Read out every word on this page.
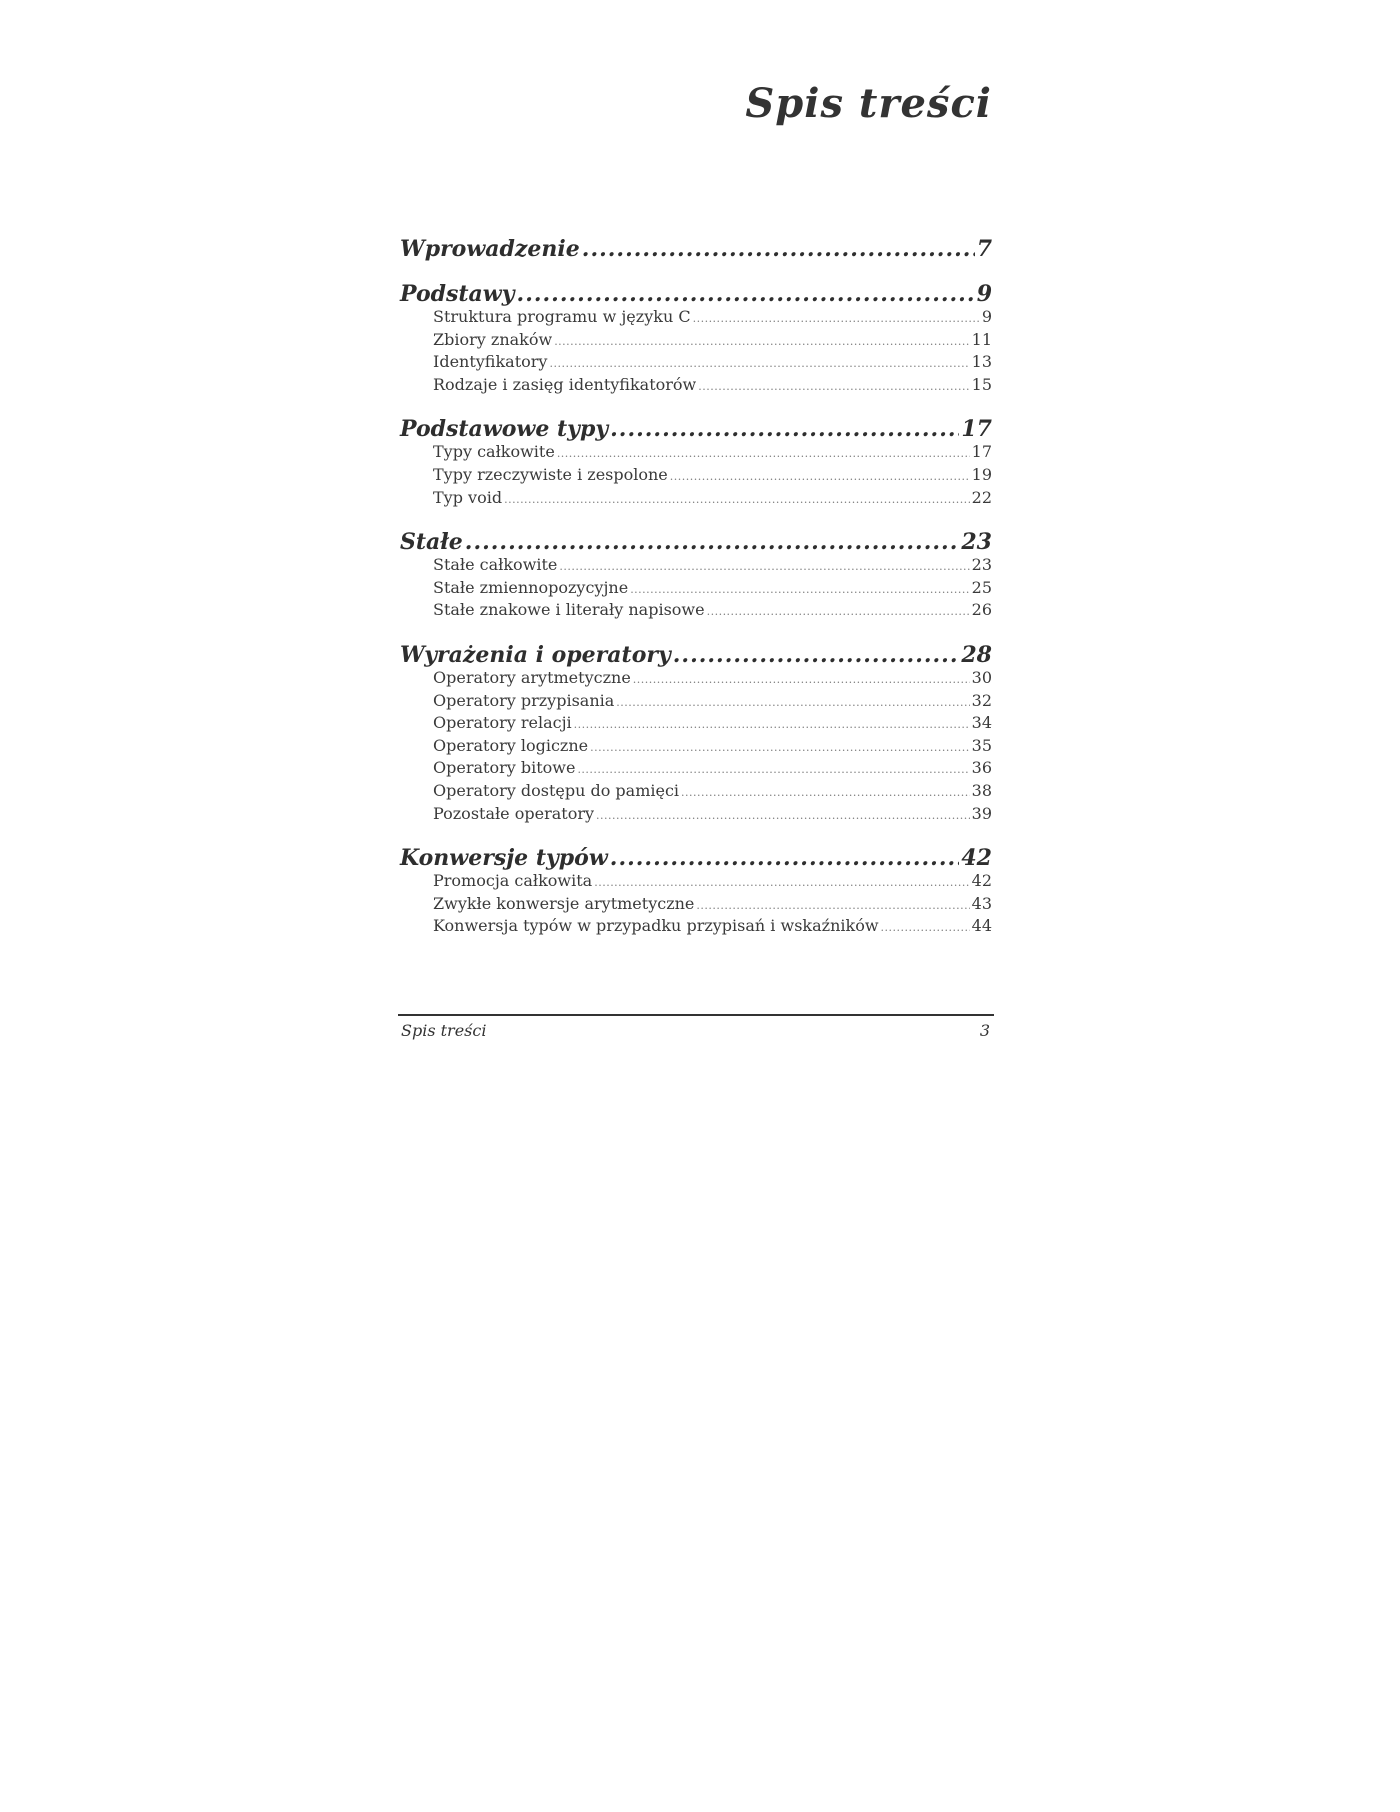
Spis treści
Wprowadzenie .....	7
Podstawy .....	9
Struktura programu w języku C .....	9
Zbiory znaków .....	11
Identyfikatory .....	13
Rodzaje i zasięg identyfikatorów .....	15
Podstawowe typy .....	17
Typy całkowite .....	17
Typy rzeczywiste i zespolone .....	19
Typ void .....	22
Stałe .....	23
Stałe całkowite .....	23
Stałe zmiennopozycyjne .....	25
Stałe znakowe i literały napisowe .....	26
Wyrażenia i operatory .....	28
Operatory arytmetyczne .....	30
Operatory przypisania .....	32
Operatory relacji .....	34
Operatory logiczne .....	35
Operatory bitowe .....	36
Operatory dostępu do pamięci .....	38
Pozostałe operatory .....	39
Konwersje typów .....	42
Promocja całkowita .....	42
Zwykłe konwersje arytmetyczne .....	43
Konwersja typów w przypadku przypisań i wskaźników .....	44
Spis treści	3
